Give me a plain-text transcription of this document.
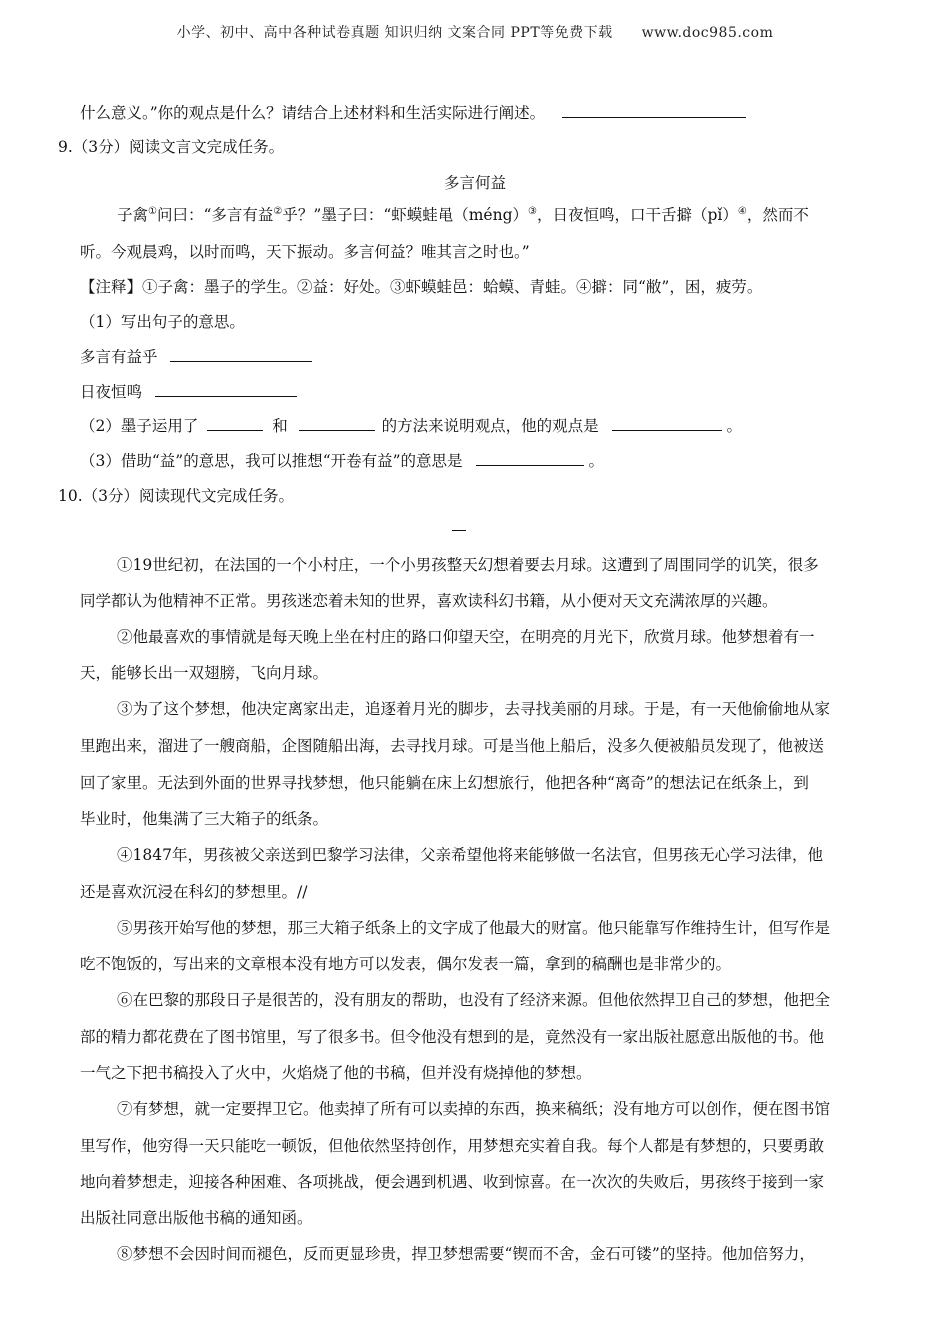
小学、初中、高中各种试卷真题 知识归纳 文案合同 PPT等免费下载　　www.doc985.com
什么意义。”你的观点是什么？请结合上述材料和生活实际进行阐述。
9.（3分）阅读文言文完成任务。
多言何益
子禽①问曰：“多言有益②乎？”墨子曰：“虾蟆蛙黾（méng）③，日夜恒鸣，口干舌擗（pǐ）④，然而不
听。今观晨鸡，以时而鸣，天下振动。多言何益？唯其言之时也。”
【注释】①子禽：墨子的学生。②益：好处。③虾蟆蛙邑：蛤蟆、青蛙。④擗：同“敝”，困，疲劳。
（1）写出句子的意思。
多言有益乎
日夜恒鸣
（2）墨子运用了	和	的方法来说明观点，他的观点是	。
（3）借助“益”的意思，我可以推想“开卷有益”的意思是	。
10.（3分）阅读现代文完成任务。
①19世纪初，在法国的一个小村庄，一个小男孩整天幻想着要去月球。这遭到了周围同学的讥笑，很多
同学都认为他精神不正常。男孩迷恋着未知的世界，喜欢读科幻书籍，从小便对天文充满浓厚的兴趣。
②他最喜欢的事情就是每天晚上坐在村庄的路口仰望天空，在明亮的月光下，欣赏月球。他梦想着有一
天，能够长出一双翅膀，飞向月球。
③为了这个梦想，他决定离家出走，追逐着月光的脚步，去寻找美丽的月球。于是，有一天他偷偷地从家
里跑出来，溜进了一艘商船，企图随船出海，去寻找月球。可是当他上船后，没多久便被船员发现了，他被送
回了家里。无法到外面的世界寻找梦想，他只能躺在床上幻想旅行，他把各种“离奇”的想法记在纸条上，到
毕业时，他集满了三大箱子的纸条。
④1847年，男孩被父亲送到巴黎学习法律，父亲希望他将来能够做一名法官，但男孩无心学习法律，他
还是喜欢沉浸在科幻的梦想里。//
⑤男孩开始写他的梦想，那三大箱子纸条上的文字成了他最大的财富。他只能靠写作维持生计，但写作是
吃不饱饭的，写出来的文章根本没有地方可以发表，偶尔发表一篇，拿到的稿酬也是非常少的。
⑥在巴黎的那段日子是很苦的，没有朋友的帮助，也没有了经济来源。但他依然捍卫自己的梦想，他把全
部的精力都花费在了图书馆里，写了很多书。但令他没有想到的是，竟然没有一家出版社愿意出版他的书。他
一气之下把书稿投入了火中，火焰烧了他的书稿，但并没有烧掉他的梦想。
⑦有梦想，就一定要捍卫它。他卖掉了所有可以卖掉的东西，换来稿纸；没有地方可以创作，便在图书馆
里写作，他穷得一天只能吃一顿饭，但他依然坚持创作，用梦想充实着自我。每个人都是有梦想的，只要勇敢
地向着梦想走，迎接各种困难、各项挑战，便会遇到机遇、收到惊喜。在一次次的失败后，男孩终于接到一家
出版社同意出版他书稿的通知函。
⑧梦想不会因时间而褪色，反而更显珍贵，捍卫梦想需要“锲而不舍，金石可镂”的坚持。他加倍努力，
